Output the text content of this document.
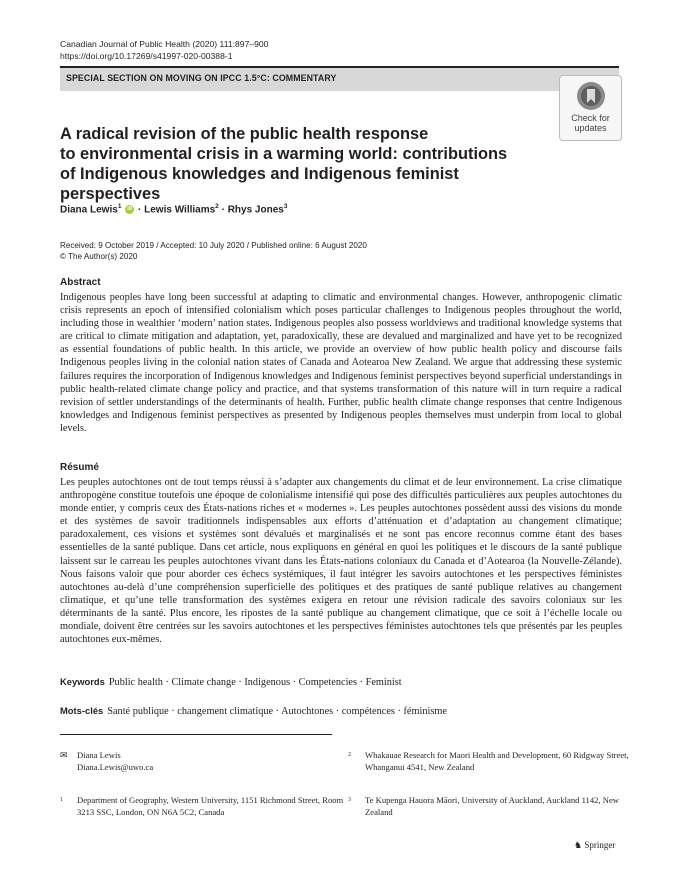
Canadian Journal of Public Health (2020) 111:897–900
https://doi.org/10.17269/s41997-020-00388-1
SPECIAL SECTION ON MOVING ON IPCC 1.5°C: COMMENTARY
Check for
updates
A radical revision of the public health response
to environmental crisis in a warming world: contributions
of Indigenous knowledges and Indigenous feminist perspectives
Diana Lewis$^1$ iD · Lewis Williams$^2$ · Rhys Jones$^3$
Received: 9 October 2019 / Accepted: 10 July 2020 / Published online: 6 August 2020
© The Author(s) 2020
Abstract
Indigenous peoples have long been successful at adapting to climatic and environmental changes. However, anthropogenic climatic crisis represents an epoch of intensified colonialism which poses particular challenges to Indigenous peoples throughout the world, including those in wealthier ‘modern’ nation states. Indigenous peoples also possess worldviews and traditional knowledge systems that are critical to climate mitigation and adaptation, yet, paradoxically, these are devalued and marginalized and have yet to be recognized as essential foundations of public health. In this article, we provide an overview of how public health policy and discourse fails Indigenous peoples living in the colonial nation states of Canada and Aotearoa New Zealand. We argue that addressing these systemic failures requires the incorporation of Indigenous knowledges and Indigenous feminist perspectives beyond superficial understandings in public health-related climate change policy and practice, and that systems transformation of this nature will in turn require a radical revision of settler understandings of the determinants of health. Further, public health climate change responses that centre Indigenous knowledges and Indigenous feminist perspectives as presented by Indigenous peoples themselves must underpin from local to global levels.
Résumé
Les peuples autochtones ont de tout temps réussi à s’adapter aux changements du climat et de leur environnement. La crise climatique anthropogène constitue toutefois une époque de colonialisme intensifié qui pose des difficultés particulières aux peuples autochtones du monde entier, y compris ceux des États-nations riches et « modernes ». Les peuples autochtones possèdent aussi des visions du monde et des systèmes de savoir traditionnels indispensables aux efforts d’atténuation et d’adaptation au changement climatique; paradoxalement, ces visions et systèmes sont dévalués et marginalisés et ne sont pas encore reconnus comme étant des bases essentielles de la santé publique. Dans cet article, nous expliquons en général en quoi les politiques et le discours de la santé publique laissent sur le carreau les peuples autochtones vivant dans les États-nations coloniaux du Canada et d’Aotearoa (la Nouvelle-Zélande). Nous faisons valoir que pour aborder ces échecs systémiques, il faut intégrer les savoirs autochtones et les perspectives féministes autochtones au-delà d’une compréhension superficielle des politiques et des pratiques de santé publique relatives au changement climatique, et qu’une telle transformation des systèmes exigera en retour une révision radicale des savoirs coloniaux sur les déterminants de la santé. Plus encore, les ripostes de la santé publique au changement climatique, que ce soit à l’échelle locale ou mondiale, doivent être centrées sur les savoirs autochtones et les perspectives féministes autochtones tels que présentés par les peuples autochtones eux-mêmes.
Keywords Public health · Climate change · Indigenous · Competencies · Feminist
Mots-clés Santé publique · changement climatique · Autochtones · compétences · féminisme
✉ Diana Lewis
Diana.Lewis@uwo.ca
1 Department of Geography, Western University, 1151 Richmond Street, Room 3213 SSC, London, ON N6A 5C2, Canada
2 Whakauae Research for Maori Health and Development, 60 Ridgway Street, Whanganui 4541, New Zealand
3 Te Kupenga Hauora Māori, University of Auckland, Auckland 1142, New Zealand
♞ Springer
